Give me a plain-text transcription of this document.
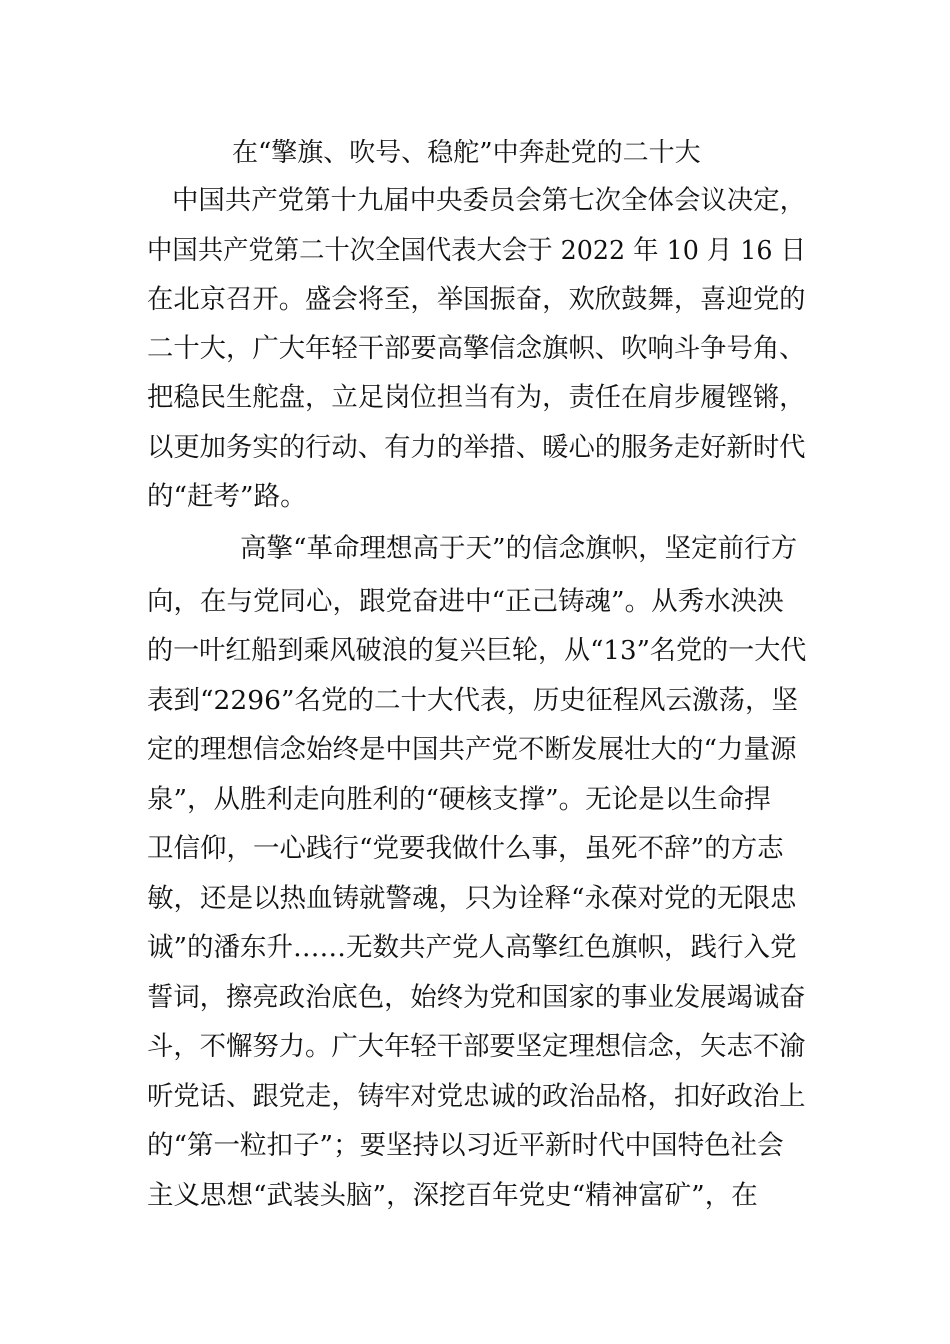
在“擎旗、吹号、稳舵”中奔赴党的二十大

中国共产党第十九届中央委员会第七次全体会议决定，

中国共产党第二十次全国代表大会于 2022 年 10 月 16 日

在北京召开。盛会将至，举国振奋，欢欣鼓舞，喜迎党的

二十大，广大年轻干部要高擎信念旗帜、吹响斗争号角、

把稳民生舵盘，立足岗位担当有为，责任在肩步履铿锵，

以更加务实的行动、有力的举措、暖心的服务走好新时代

的“赶考”路。

高擎“革命理想高于天”的信念旗帜，坚定前行方

向，在与党同心，跟党奋进中“正己铸魂”。从秀水泱泱

的一叶红船到乘风破浪的复兴巨轮，从“13”名党的一大代

表到“2296”名党的二十大代表，历史征程风云激荡，坚

定的理想信念始终是中国共产党不断发展壮大的“力量源

泉”，从胜利走向胜利的“硬核支撑”。无论是以生命捍

卫信仰，一心践行“党要我做什么事，虽死不辞”的方志

敏，还是以热血铸就警魂，只为诠释“永葆对党的无限忠

诚”的潘东升……无数共产党人高擎红色旗帜，践行入党

誓词，擦亮政治底色，始终为党和国家的事业发展竭诚奋

斗，不懈努力。广大年轻干部要坚定理想信念，矢志不渝

听党话、跟党走，铸牢对党忠诚的政治品格，扣好政治上

的“第一粒扣子”；要坚持以习近平新时代中国特色社会

主义思想“武装头脑”，深挖百年党史“精神富矿”，在
